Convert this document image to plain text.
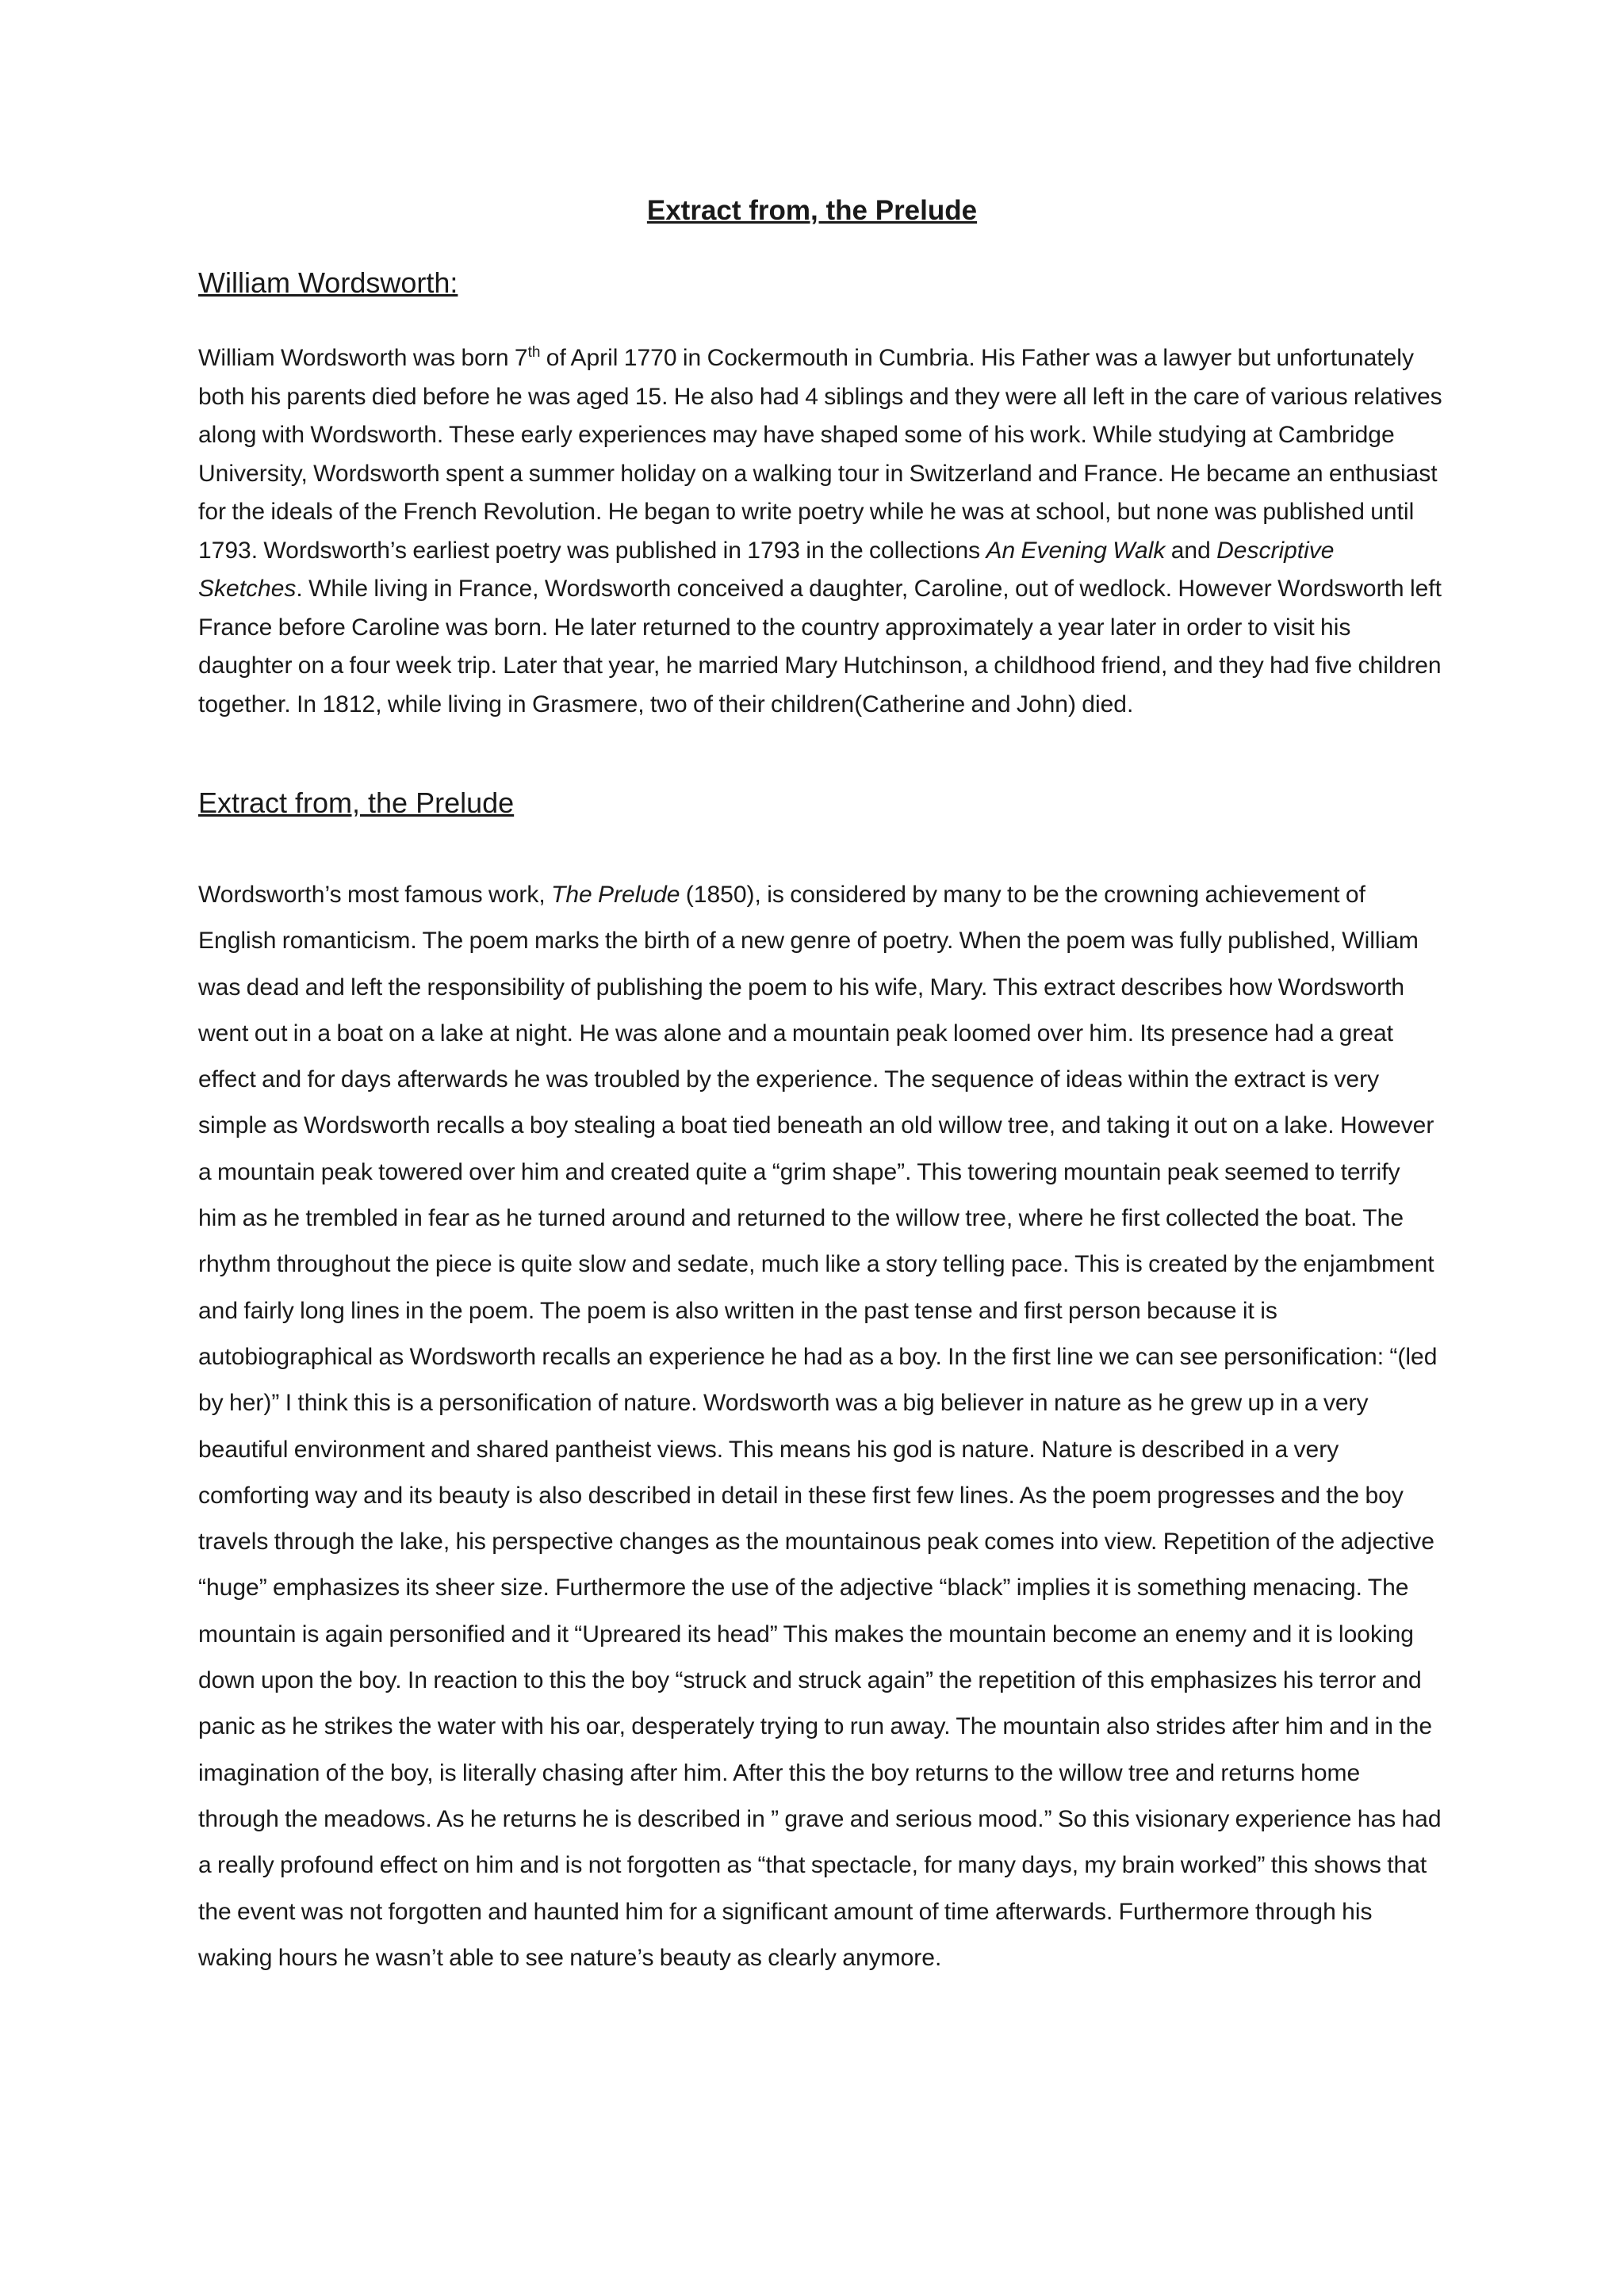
Extract from, the Prelude
William Wordsworth:

William Wordsworth was born 7th of April 1770 in Cockermouth in Cumbria. His Father was a lawyer but unfortunately both his parents died before he was aged 15. He also had 4 siblings and they were all left in the care of various relatives along with Wordsworth. These early experiences may have shaped some of his work. While studying at Cambridge University, Wordsworth spent a summer holiday on a walking tour in Switzerland and France. He became an enthusiast for the ideals of the French Revolution. He began to write poetry while he was at school, but none was published until 1793. Wordsworth’s earliest poetry was published in 1793 in the collections An Evening Walk and Descriptive Sketches. While living in France, Wordsworth conceived a daughter, Caroline, out of wedlock. However Wordsworth left France before Caroline was born. He later returned to the country approximately a year later in order to visit his daughter on a four week trip. Later that year, he married Mary Hutchinson, a childhood friend, and they had five children together. In 1812, while living in Grasmere, two of their children(Catherine and John) died.

Extract from, the Prelude

Wordsworth’s most famous work, The Prelude (1850), is considered by many to be the crowning achievement of English romanticism. The poem marks the birth of a new genre of poetry. When the poem was fully published, William was dead and left the responsibility of publishing the poem to his wife, Mary. This extract describes how Wordsworth went out in a boat on a lake at night. He was alone and a mountain peak loomed over him. Its presence had a great effect and for days afterwards he was troubled by the experience. The sequence of ideas within the extract is very simple as Wordsworth recalls a boy stealing a boat tied beneath an old willow tree, and taking it out on a lake. However a mountain peak towered over him and created quite a “grim shape”. This towering mountain peak seemed to terrify him as he trembled in fear as he turned around and returned to the willow tree, where he first collected the boat. The rhythm throughout the piece is quite slow and sedate, much like a story telling pace. This is created by the enjambment and fairly long lines in the poem. The poem is also written in the past tense and first person because it is autobiographical as Wordsworth recalls an experience he had as a boy. In the first line we can see personification: “(led by her)” I think this is a personification of nature. Wordsworth was a big believer in nature as he grew up in a very beautiful environment and shared pantheist views. This means his god is nature. Nature is described in a very comforting way and its beauty is also described in detail in these first few lines. As the poem progresses and the boy travels through the lake, his perspective changes as the mountainous peak comes into view. Repetition of the adjective “huge” emphasizes its sheer size. Furthermore the use of the adjective “black” implies it is something menacing. The mountain is again personified and it “Upreared its head” This makes the mountain become an enemy and it is looking down upon the boy. In reaction to this the boy “struck and struck again” the repetition of this emphasizes his terror and panic as he strikes the water with his oar, desperately trying to run away. The mountain also strides after him and in the imagination of the boy, is literally chasing after him. After this the boy returns to the willow tree and returns home through the meadows. As he returns he is described in ” grave and serious mood.” So this visionary experience has had a really profound effect on him and is not forgotten as “that spectacle, for many days, my brain worked” this shows that the event was not forgotten and haunted him for a significant amount of time afterwards. Furthermore through his waking hours he wasn’t able to see nature’s beauty as clearly anymore.
